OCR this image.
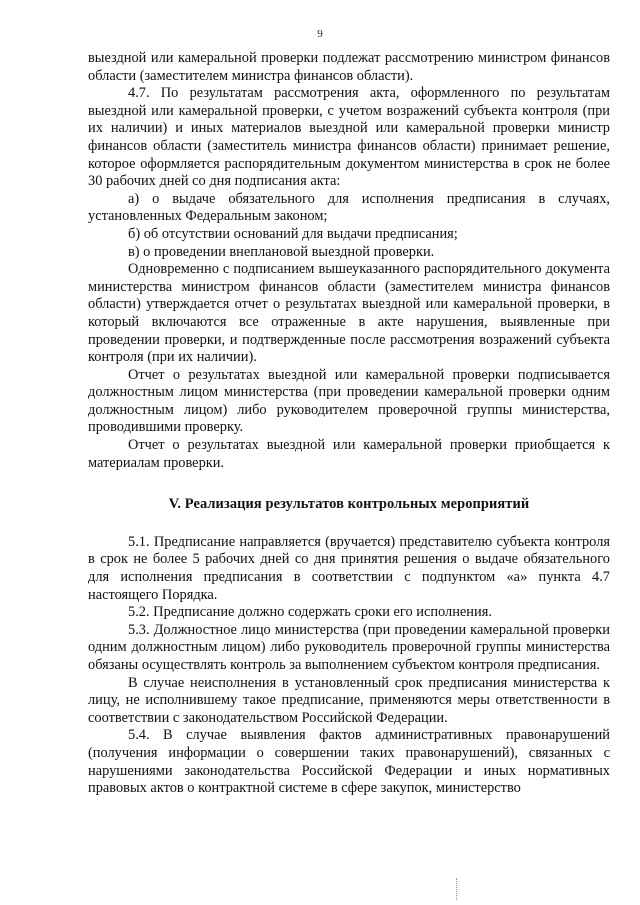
9

выездной или камеральной проверки подлежат рассмотрению министром финансов области (заместителем министра финансов области).

4.7. По результатам рассмотрения акта, оформленного по результатам выездной или камеральной проверки, с учетом возражений субъекта контроля (при их наличии) и иных материалов выездной или камеральной проверки министр финансов области (заместитель министра финансов области) принимает решение, которое оформляется распорядительным документом министерства в срок не более 30 рабочих дней со дня подписания акта:

а) о выдаче обязательного для исполнения предписания в случаях, установленных Федеральным законом;

б) об отсутствии оснований для выдачи предписания;

в) о проведении внеплановой выездной проверки.

Одновременно с подписанием вышеуказанного распорядительного документа министерства министром финансов области (заместителем министра финансов области) утверждается отчет о результатах выездной или камеральной проверки, в который включаются все отраженные в акте нарушения, выявленные при проведении проверки, и подтвержденные после рассмотрения возражений субъекта контроля (при их наличии).

Отчет о результатах выездной или камеральной проверки подписывается должностным лицом министерства (при проведении камеральной проверки одним должностным лицом) либо руководителем проверочной группы министерства, проводившими проверку.

Отчет о результатах выездной или камеральной проверки приобщается к материалам проверки.

V. Реализация результатов контрольных мероприятий

5.1. Предписание направляется (вручается) представителю субъекта контроля в срок не более 5 рабочих дней со дня принятия решения о выдаче обязательного для исполнения предписания в соответствии с подпунктом «а» пункта 4.7 настоящего Порядка.

5.2. Предписание должно содержать сроки его исполнения.

5.3. Должностное лицо министерства (при проведении камеральной проверки одним должностным лицом) либо руководитель проверочной группы министерства обязаны осуществлять контроль за выполнением субъектом контроля предписания.

В случае неисполнения в установленный срок предписания министерства к лицу, не исполнившему такое предписание, применяются меры ответственности в соответствии с законодательством Российской Федерации.

5.4. В случае выявления фактов административных правонарушений (получения информации о совершении таких правонарушений), связанных с нарушениями законодательства Российской Федерации и иных нормативных правовых актов о контрактной системе в сфере закупок, министерство
